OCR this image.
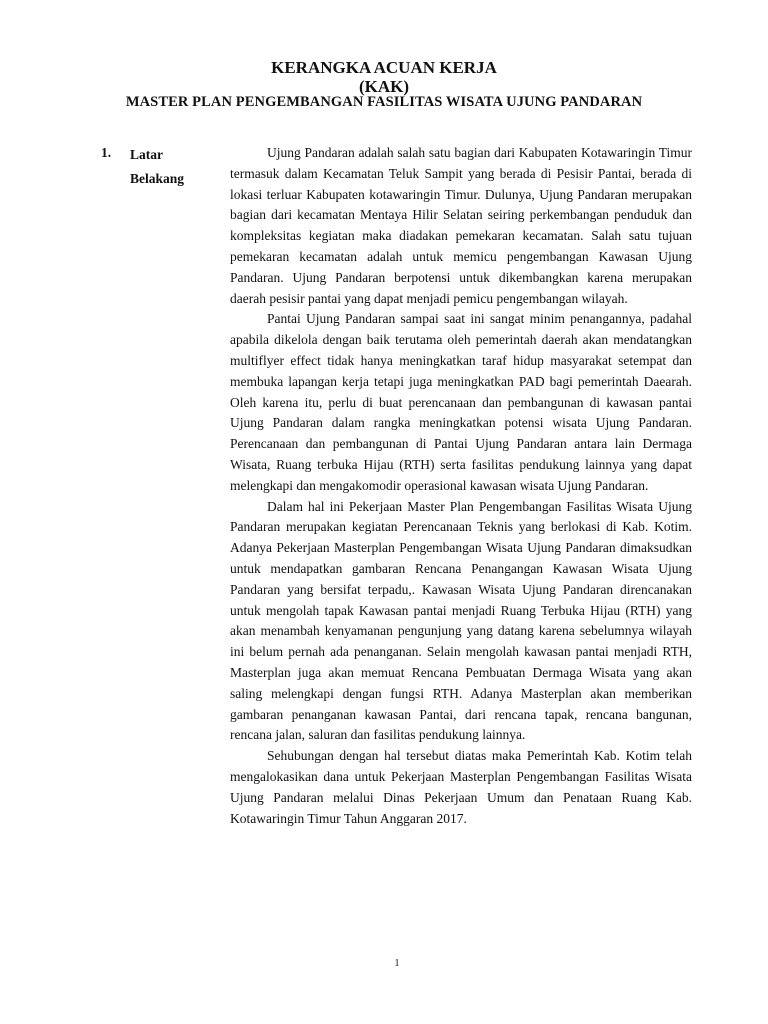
KERANGKA ACUAN KERJA
(KAK)
MASTER PLAN PENGEMBANGAN FASILITAS WISATA UJUNG PANDARAN
1. Latar Belakang

Ujung Pandaran adalah salah satu bagian dari Kabupaten Kotawaringin Timur termasuk dalam Kecamatan Teluk Sampit yang berada di Pesisir Pantai, berada di lokasi terluar Kabupaten kotawaringin Timur. Dulunya, Ujung Pandaran merupakan bagian dari kecamatan Mentaya Hilir Selatan seiring perkembangan penduduk dan kompleksitas kegiatan maka diadakan pemekaran kecamatan. Salah satu tujuan pemekaran kecamatan adalah untuk memicu pengembangan Kawasan Ujung Pandaran. Ujung Pandaran berpotensi untuk dikembangkan karena merupakan daerah pesisir pantai yang dapat menjadi pemicu pengembangan wilayah.

Pantai Ujung Pandaran sampai saat ini sangat minim penangannya, padahal apabila dikelola dengan baik terutama oleh pemerintah daerah akan mendatangkan multiflyer effect tidak hanya meningkatkan taraf hidup masyarakat setempat dan membuka lapangan kerja tetapi juga meningkatkan PAD bagi pemerintah Daearah. Oleh karena itu, perlu di buat perencanaan dan pembangunan di kawasan pantai Ujung Pandaran dalam rangka meningkatkan potensi wisata Ujung Pandaran. Perencanaan dan pembangunan di Pantai Ujung Pandaran antara lain Dermaga Wisata, Ruang terbuka Hijau (RTH) serta fasilitas pendukung lainnya yang dapat melengkapi dan mengakomodir operasional kawasan wisata Ujung Pandaran.

Dalam hal ini Pekerjaan Master Plan Pengembangan Fasilitas Wisata Ujung Pandaran merupakan kegiatan Perencanaan Teknis yang berlokasi di Kab. Kotim. Adanya Pekerjaan Masterplan Pengembangan Wisata Ujung Pandaran dimaksudkan untuk mendapatkan gambaran Rencana Penangangan Kawasan Wisata Ujung Pandaran yang bersifat terpadu,. Kawasan Wisata Ujung Pandaran direncanakan untuk mengolah tapak Kawasan pantai menjadi Ruang Terbuka Hijau (RTH) yang akan menambah kenyamanan pengunjung yang datang karena sebelumnya wilayah ini belum pernah ada penanganan. Selain mengolah kawasan pantai menjadi RTH, Masterplan juga akan memuat Rencana Pembuatan Dermaga Wisata yang akan saling melengkapi dengan fungsi RTH. Adanya Masterplan akan memberikan gambaran penanganan kawasan Pantai, dari rencana tapak, rencana bangunan, rencana jalan, saluran dan fasilitas pendukung lainnya.

Sehubungan dengan hal tersebut diatas maka Pemerintah Kab. Kotim telah mengalokasikan dana untuk Pekerjaan Masterplan Pengembangan Fasilitas Wisata Ujung Pandaran melalui Dinas Pekerjaan Umum dan Penataan Ruang Kab. Kotawaringin Timur Tahun Anggaran 2017.

1
